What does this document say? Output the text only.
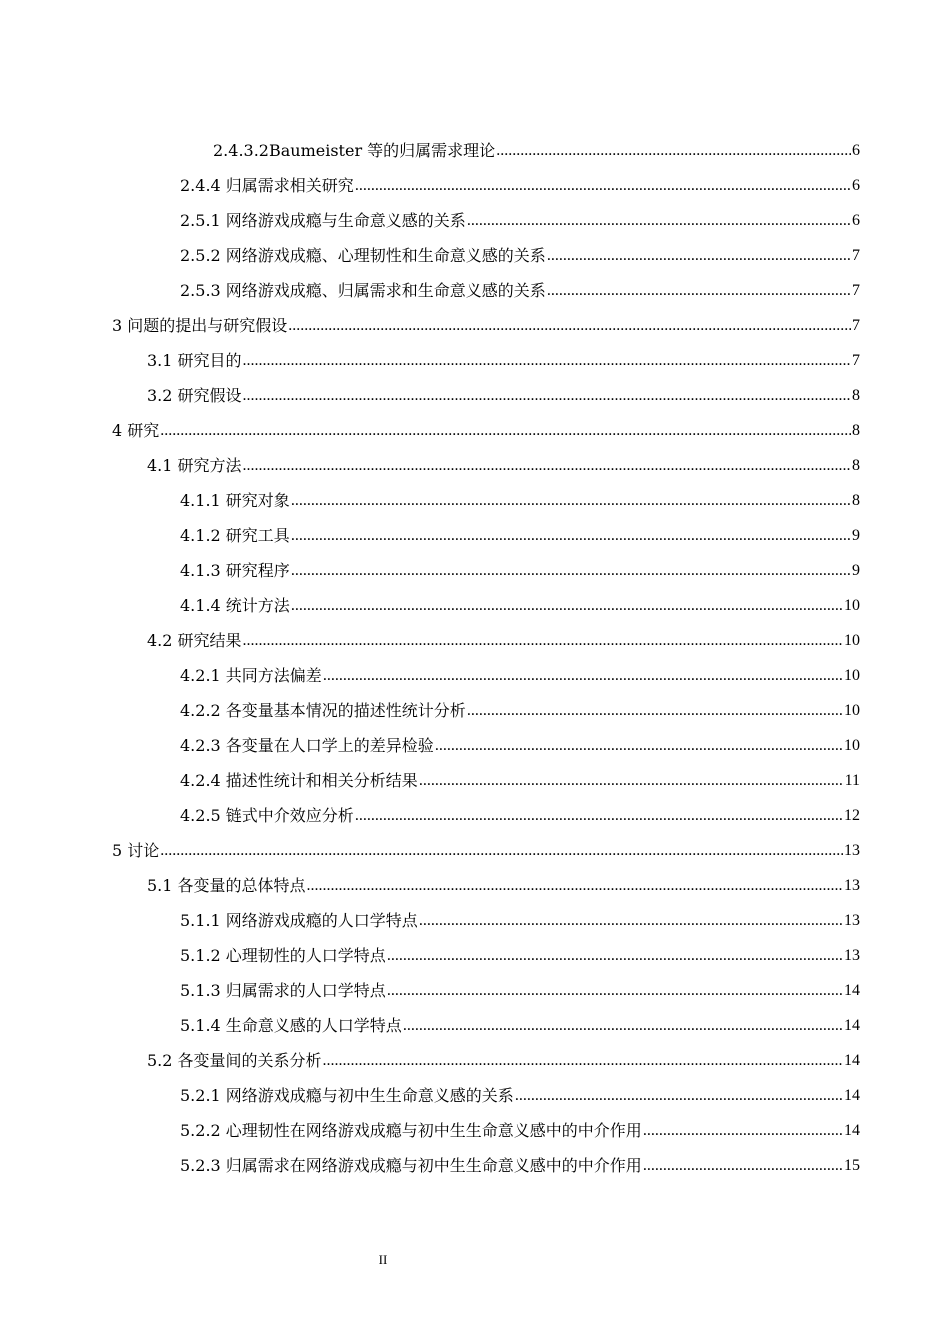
2.4.3.2Baumeister 等的归属需求理论 .....	6
2.4.4 归属需求相关研究 .....	6
2.5.1 网络游戏成瘾与生命意义感的关系 .....	6
2.5.2 网络游戏成瘾、心理韧性和生命意义感的关系 .....	7
2.5.3 网络游戏成瘾、归属需求和生命意义感的关系 .....	7
3 问题的提出与研究假设 .....	7
3.1 研究目的 .....	7
3.2 研究假设 .....	8
4 研究 .....	8
4.1 研究方法 .....	8
4.1.1 研究对象 .....	8
4.1.2 研究工具 .....	9
4.1.3 研究程序 .....	9
4.1.4 统计方法 .....	10
4.2 研究结果 .....	10
4.2.1 共同方法偏差 .....	10
4.2.2 各变量基本情况的描述性统计分析 .....	10
4.2.3 各变量在人口学上的差异检验 .....	10
4.2.4 描述性统计和相关分析结果 .....	11
4.2.5 链式中介效应分析 .....	12
5 讨论 .....	13
5.1 各变量的总体特点 .....	13
5.1.1 网络游戏成瘾的人口学特点 .....	13
5.1.2 心理韧性的人口学特点 .....	13
5.1.3 归属需求的人口学特点 .....	14
5.1.4 生命意义感的人口学特点 .....	14
5.2 各变量间的关系分析 .....	14
5.2.1 网络游戏成瘾与初中生生命意义感的关系 .....	14
5.2.2 心理韧性在网络游戏成瘾与初中生生命意义感中的中介作用 .....	14
5.2.3 归属需求在网络游戏成瘾与初中生生命意义感中的中介作用 .....	15
II
